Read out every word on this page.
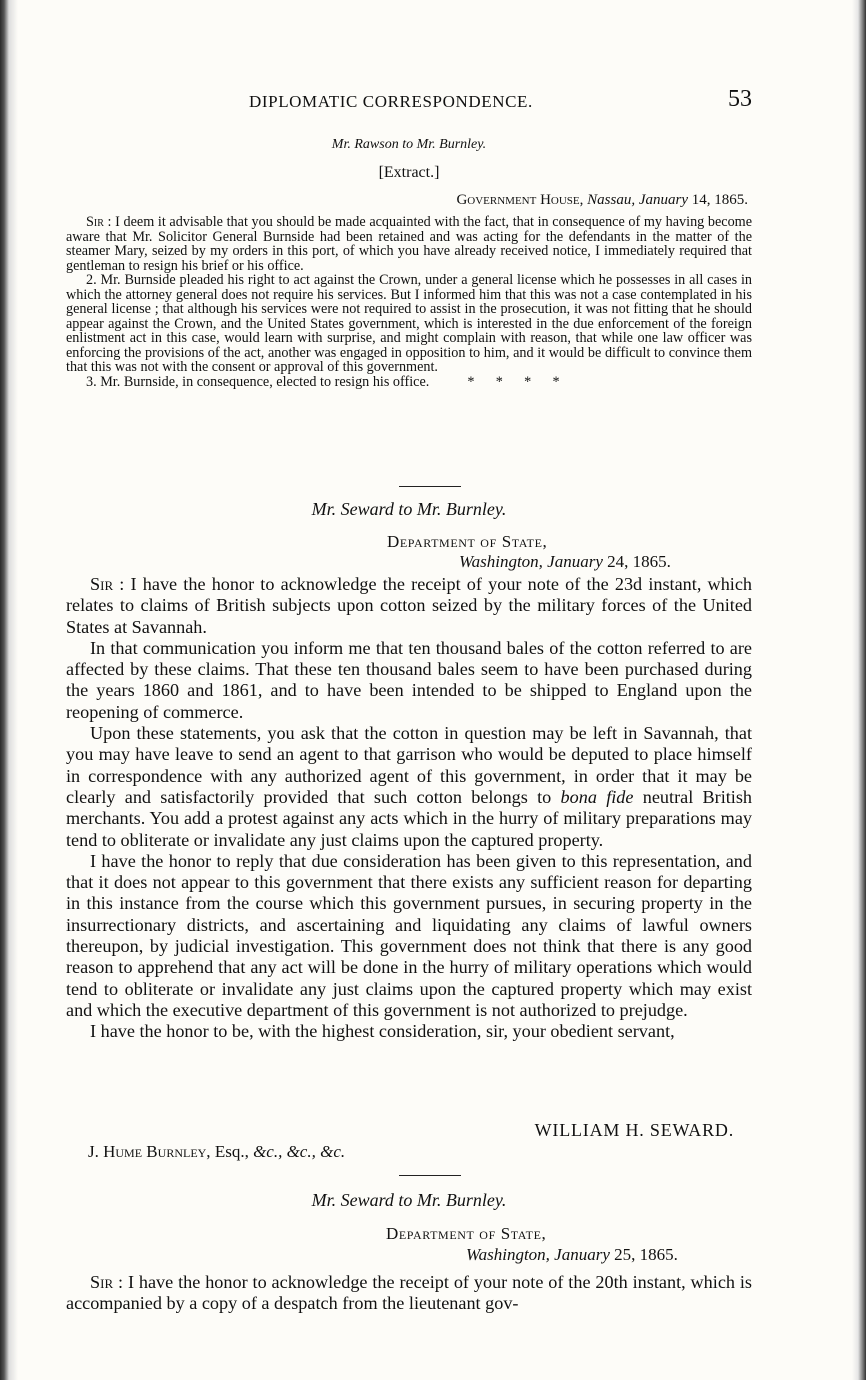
DIPLOMATIC CORRESPONDENCE.	53
Mr. Rawson to Mr. Burnley.
[Extract.]
Government House, Nassau, January 14, 1865.

Sir : I deem it advisable that you should be made acquainted with the fact, that in consequence of my having become aware that Mr. Solicitor General Burnside had been retained and was acting for the defendants in the matter of the steamer Mary, seized by my orders in this port, of which you have already received notice, I immediately required that gentleman to resign his brief or his office.

2. Mr. Burnside pleaded his right to act against the Crown, under a general license which he possesses in all cases in which the attorney general does not require his services. But I informed him that this was not a case contemplated in his general license ; that although his services were not required to assist in the prosecution, it was not fitting that he should appear against the Crown, and the United States government, which is interested in the due enforcement of the foreign enlistment act in this case, would learn with surprise, and might complain with reason, that while one law officer was enforcing the provisions of the act, another was engaged in opposition to him, and it would be difficult to convince them that this was not with the consent or approval of this government.

3. Mr. Burnside, in consequence, elected to resign his office.	*      *      *      *

Mr. Seward to Mr. Burnley.
Department of State,
Washington, January 24, 1865.

Sir : I have the honor to acknowledge the receipt of your note of the 23d instant, which relates to claims of British subjects upon cotton seized by the military forces of the United States at Savannah.

In that communication you inform me that ten thousand bales of the cotton referred to are affected by these claims. That these ten thousand bales seem to have been purchased during the years 1860 and 1861, and to have been intended to be shipped to England upon the reopening of commerce.

Upon these statements, you ask that the cotton in question may be left in Savannah, that you may have leave to send an agent to that garrison who would be deputed to place himself in correspondence with any authorized agent of this government, in order that it may be clearly and satisfactorily provided that such cotton belongs to bona fide neutral British merchants. You add a protest against any acts which in the hurry of military preparations may tend to obliterate or invalidate any just claims upon the captured property.

I have the honor to reply that due consideration has been given to this representation, and that it does not appear to this government that there exists any sufficient reason for departing in this instance from the course which this government pursues, in securing property in the insurrectionary districts, and ascertaining and liquidating any claims of lawful owners thereupon, by judicial investigation. This government does not think that there is any good reason to apprehend that any act will be done in the hurry of military operations which would tend to obliterate or invalidate any just claims upon the captured property which may exist and which the executive department of this government is not authorized to prejudge.

I have the honor to be, with the highest consideration, sir, your obedient servant,

WILLIAM H. SEWARD.
J. Hume Burnley, Esq., &c., &c., &c.
Mr. Seward to Mr. Burnley.
Department of State,
Washington, January 25, 1865.

Sir : I have the honor to acknowledge the receipt of your note of the 20th instant, which is accompanied by a copy of a despatch from the lieutenant gov-
